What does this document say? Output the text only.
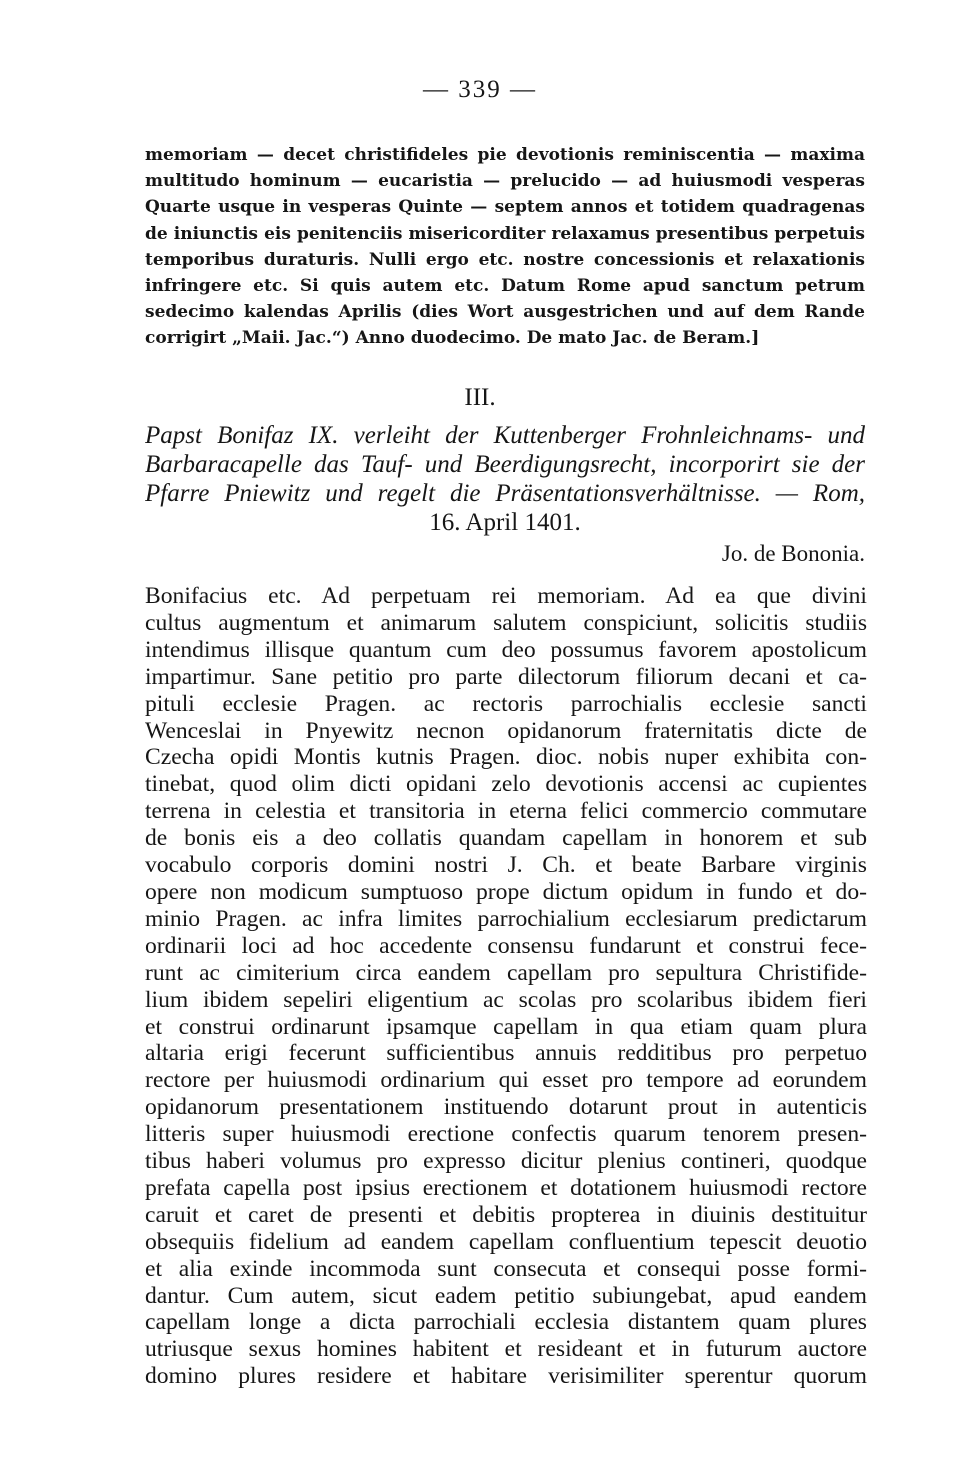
— 339 —
memoriam — decet christifideles pie devotionis reminiscentia — maxima
multitudo hominum — eucaristia — prelucido — ad huiusmodi vesperas
Quarte usque in vesperas Quinte — septem annos et totidem quadragenas
de iniunctis eis penitenciis misericorditer relaxamus presentibus perpetuis
temporibus duraturis. Nulli ergo etc. nostre concessionis et relaxationis
infringere etc. Si quis autem etc. Datum Rome apud sanctum petrum
sedecimo kalendas Aprilis (dies Wort ausgestrichen und auf dem Rande
corrigirt „Maii. Jac.“) Anno duodecimo. De mato Jac. de Beram.]
III.
Papst Bonifaz IX. verleiht der Kuttenberger Frohnleichnams- und
Barbaracapelle das Tauf- und Beerdigungsrecht, incorporirt sie der
Pfarre Pniewitz und regelt die Präsentationsverhältnisse. — Rom,
16. April 1401.
Jo. de Bononia.
Bonifacius etc. Ad perpetuam rei memoriam. Ad ea que divini
cultus augmentum et animarum salutem conspiciunt, solicitis studiis
intendimus illisque quantum cum deo possumus favorem apostolicum
impartimur. Sane petitio pro parte dilectorum filiorum decani et ca-
pituli ecclesie Pragen. ac rectoris parrochialis ecclesie sancti
Wenceslai in Pnyewitz necnon opidanorum fraternitatis dicte de
Czecha opidi Montis kutnis Pragen. dioc. nobis nuper exhibita con-
tinebat, quod olim dicti opidani zelo devotionis accensi ac cupientes
terrena in celestia et transitoria in eterna felici commercio commutare
de bonis eis a deo collatis quandam capellam in honorem et sub
vocabulo corporis domini nostri J. Ch. et beate Barbare virginis
opere non modicum sumptuoso prope dictum opidum in fundo et do-
minio Pragen. ac infra limites parrochialium ecclesiarum predictarum
ordinarii loci ad hoc accedente consensu fundarunt et construi fece-
runt ac cimiterium circa eandem capellam pro sepultura Christifide-
lium ibidem sepeliri eligentium ac scolas pro scolaribus ibidem fieri
et construi ordinarunt ipsamque capellam in qua etiam quam plura
altaria erigi fecerunt sufficientibus annuis redditibus pro perpetuo
rectore per huiusmodi ordinarium qui esset pro tempore ad eorundem
opidanorum presentationem instituendo dotarunt prout in autenticis
litteris super huiusmodi erectione confectis quarum tenorem presen-
tibus haberi volumus pro expresso dicitur plenius contineri, quodque
prefata capella post ipsius erectionem et dotationem huiusmodi rectore
caruit et caret de presenti et debitis propterea in diuinis destituitur
obsequiis fidelium ad eandem capellam confluentium tepescit deuotio
et alia exinde incommoda sunt consecuta et consequi posse formi-
dantur. Cum autem, sicut eadem petitio subiungebat, apud eandem
capellam longe a dicta parrochiali ecclesia distantem quam plures
utriusque sexus homines habitent et resideant et in futurum auctore
domino plures residere et habitare verisimiliter sperentur quorum
